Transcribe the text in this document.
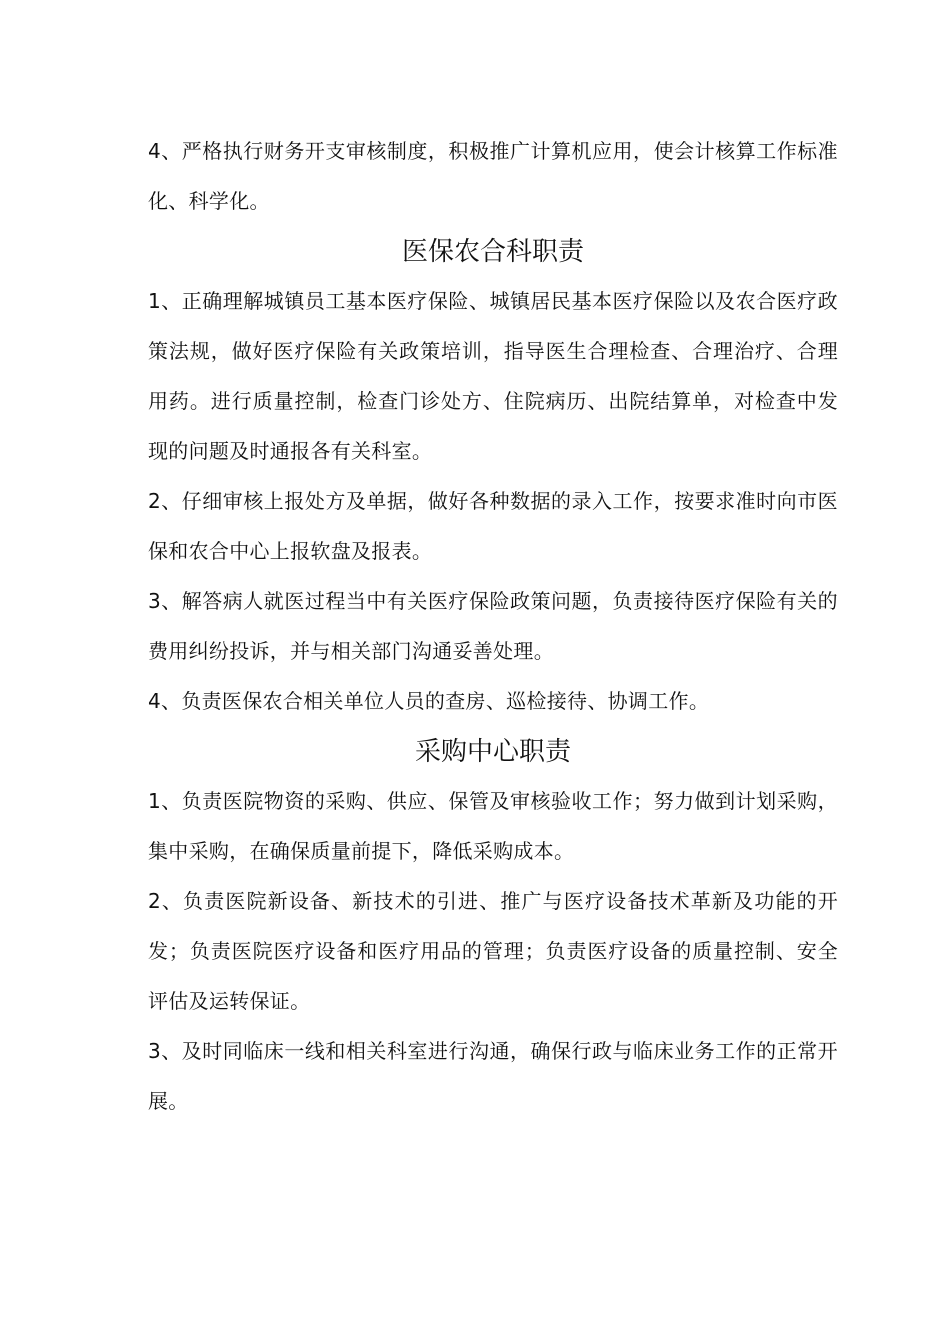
4、严格执行财务开支审核制度，积极推广计算机应用，使会计核算工作标准化、科学化。

医保农合科职责

1、正确理解城镇员工基本医疗保险、城镇居民基本医疗保险以及农合医疗政策法规，做好医疗保险有关政策培训，指导医生合理检查、合理治疗、合理用药。进行质量控制，检查门诊处方、住院病历、出院结算单，对检查中发现的问题及时通报各有关科室。

2、仔细审核上报处方及单据，做好各种数据的录入工作，按要求准时向市医保和农合中心上报软盘及报表。

3、解答病人就医过程当中有关医疗保险政策问题，负责接待医疗保险有关的费用纠纷投诉，并与相关部门沟通妥善处理。

4、负责医保农合相关单位人员的查房、巡检接待、协调工作。

采购中心职责

1、负责医院物资的采购、供应、保管及审核验收工作；努力做到计划采购，集中采购，在确保质量前提下，降低采购成本。

2、负责医院新设备、新技术的引进、推广与医疗设备技术革新及功能的开发；负责医院医疗设备和医疗用品的管理；负责医疗设备的质量控制、安全评估及运转保证。

3、及时同临床一线和相关科室进行沟通，确保行政与临床业务工作的正常开展。
